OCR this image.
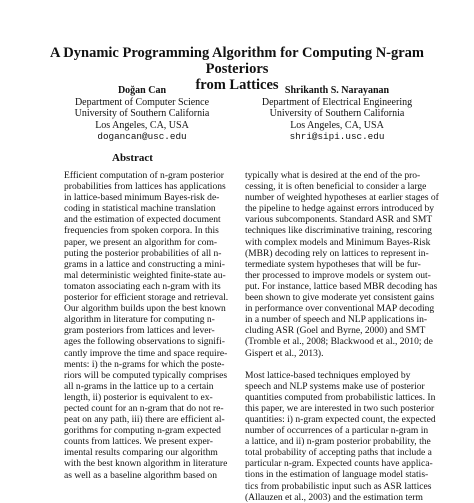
A Dynamic Programming Algorithm for Computing N-gram Posteriors
from Lattices
Doğan Can
Department of Computer Science
University of Southern California
Los Angeles, CA, USA
dogancan@usc.edu
Shrikanth S. Narayanan
Department of Electrical Engineering
University of Southern California
Los Angeles, CA, USA
shri@sipi.usc.edu
Abstract
Efficient computation of n-gram posterior
probabilities from lattices has applications
in lattice-based minimum Bayes-risk de-
coding in statistical machine translation
and the estimation of expected document
frequencies from spoken corpora. In this
paper, we present an algorithm for com-
puting the posterior probabilities of all n-
grams in a lattice and constructing a mini-
mal deterministic weighted finite-state au-
tomaton associating each n-gram with its
posterior for efficient storage and retrieval.
Our algorithm builds upon the best known
algorithm in literature for computing n-
gram posteriors from lattices and lever-
ages the following observations to signifi-
cantly improve the time and space require-
ments: i) the n-grams for which the poste-
riors will be computed typically comprises
all n-grams in the lattice up to a certain
length, ii) posterior is equivalent to ex-
pected count for an n-gram that do not re-
peat on any path, iii) there are efficient al-
gorithms for computing n-gram expected
counts from lattices. We present exper-
imental results comparing our algorithm
with the best known algorithm in literature
as well as a baseline algorithm based on
typically what is desired at the end of the pro-
cessing, it is often beneficial to consider a large
number of weighted hypotheses at earlier stages of
the pipeline to hedge against errors introduced by
various subcomponents. Standard ASR and SMT
techniques like discriminative training, rescoring
with complex models and Minimum Bayes-Risk
(MBR) decoding rely on lattices to represent in-
termediate system hypotheses that will be fur-
ther processed to improve models or system out-
put. For instance, lattice based MBR decoding has
been shown to give moderate yet consistent gains
in performance over conventional MAP decoding
in a number of speech and NLP applications in-
cluding ASR (Goel and Byrne, 2000) and SMT
(Tromble et al., 2008; Blackwood et al., 2010; de
Gispert et al., 2013).
Most lattice-based techniques employed by
speech and NLP systems make use of posterior
quantities computed from probabilistic lattices. In
this paper, we are interested in two such posterior
quantities: i) n-gram expected count, the expected
number of occurrences of a particular n-gram in
a lattice, and ii) n-gram posterior probability, the
total probability of accepting paths that include a
particular n-gram. Expected counts have applica-
tions in the estimation of language model statis-
tics from probabilistic input such as ASR lattices
(Allauzen et al., 2003) and the estimation term
